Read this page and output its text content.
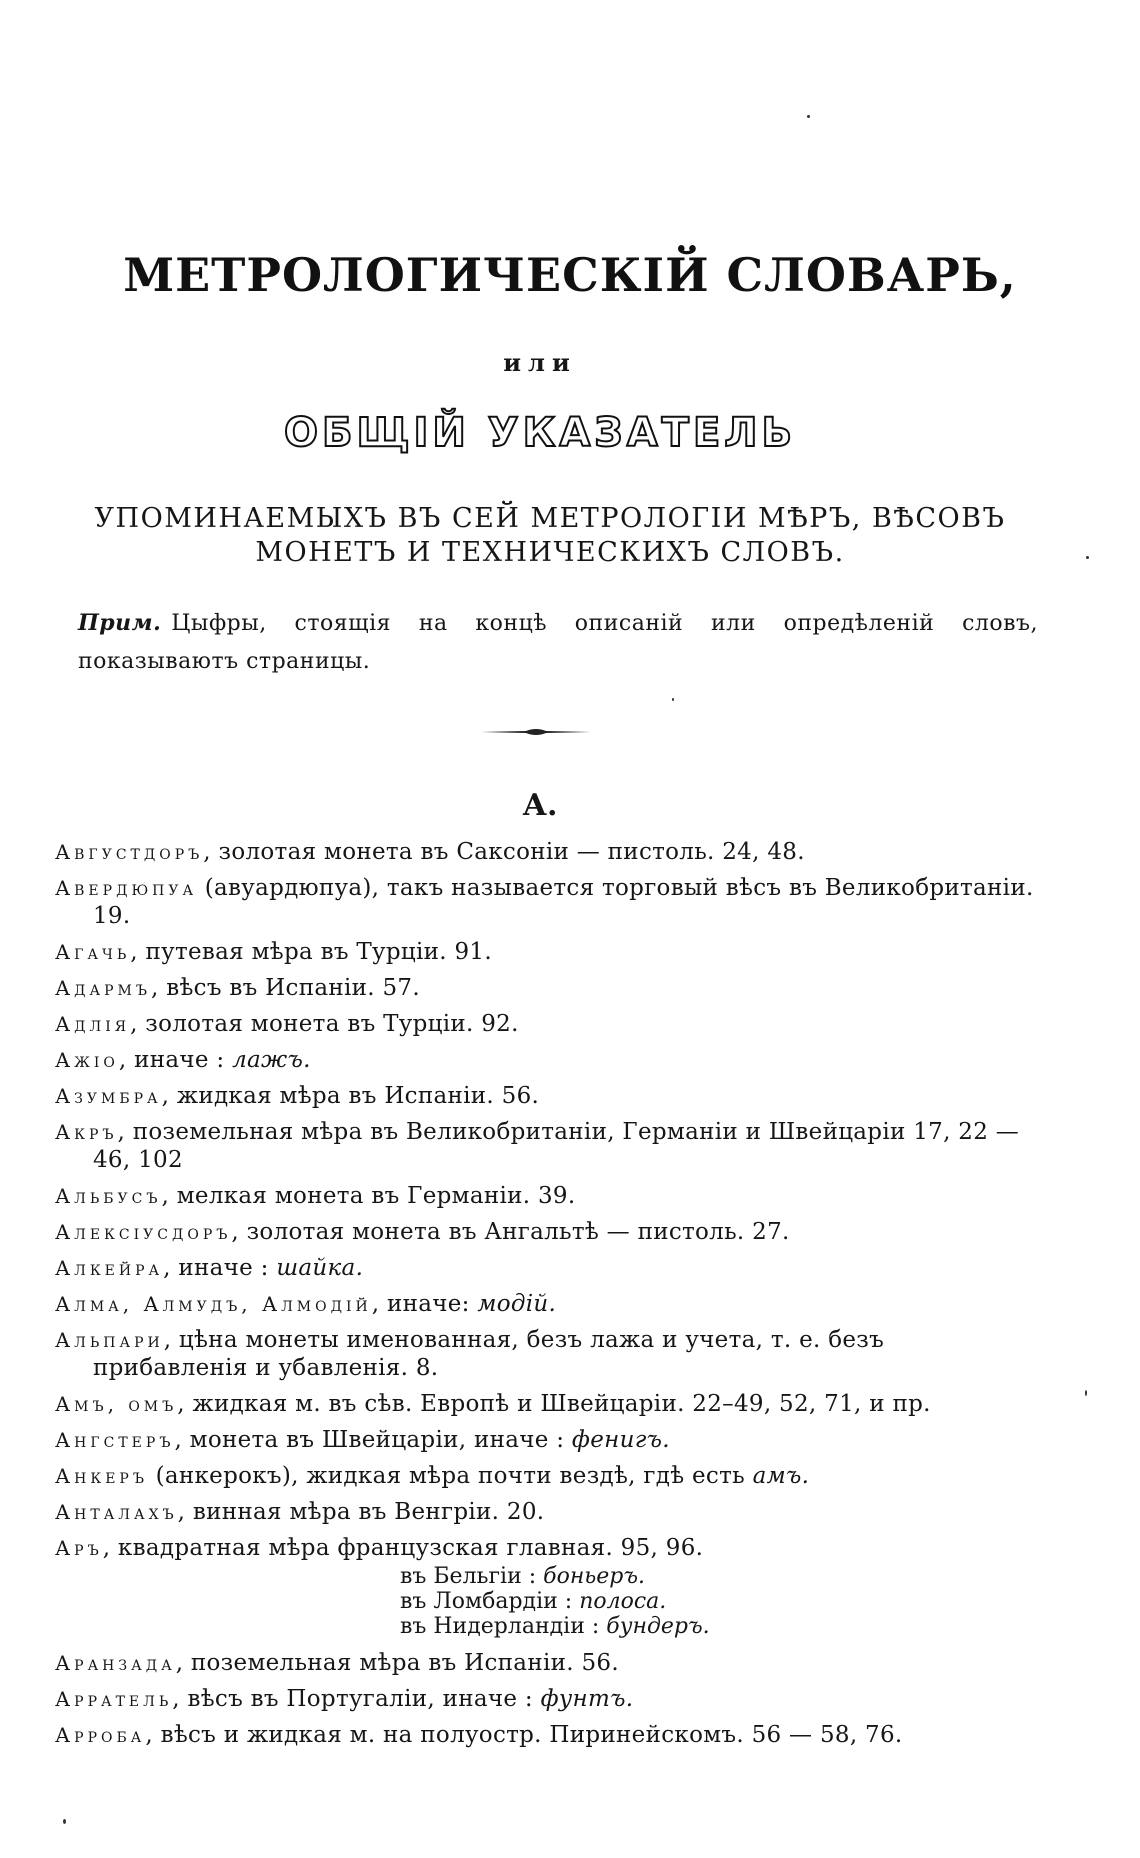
МЕТРОЛОГИЧЕСКІЙ СЛОВАРЬ,
или
ОБЩІЙ УКАЗАТЕЛЬ
УПОМИНАЕМЫХЪ ВЪ СЕЙ МЕТРОЛОГІИ МѢРЪ, ВѢСОВЪ
МОНЕТЪ И ТЕХНИЧЕСКИХЪ СЛОВЪ.
Прим. Цыфры, стоящія на концѣ описаній или опредѣленій словъ, показываютъ страницы.
А.
Августдоръ, золотая монета въ Саксоніи — пистоль. 24, 48.
Авердюпуа (авуардюпуа), такъ называется торговый вѣсъ въ Великобританіи. 19.
Агачь, путевая мѣра въ Турціи. 91.
Адармъ, вѣсъ въ Испаніи. 57.
Адлія, золотая монета въ Турціи. 92.
Ажіо, иначе : лажъ.
Азумбра, жидкая мѣра въ Испаніи. 56.
Акръ, поземельная мѣра въ Великобританіи, Германіи и Швейцаріи 17, 22 — 46, 102
Альбусъ, мелкая монета въ Германіи. 39.
Алексіусдоръ, золотая монета въ Ангальтѣ — пистоль. 27.
Алкейра, иначе : шайка.
Алма, Алмудъ, Алмодій, иначе: модій.
Альпари, цѣна монеты именованная, безъ лажа и учета, т. е. безъ прибавленія и убавленія. 8.
Амъ, омъ, жидкая м. въ сѣв. Европѣ и Швейцаріи. 22–49, 52, 71, и пр.
Ангстеръ, монета въ Швейцаріи, иначе : фенигъ.
Анкеръ (анкерокъ), жидкая мѣра почти вездѣ, гдѣ есть амъ.
Анталахъ, винная мѣра въ Венгріи. 20.
Аръ, квадратная мѣра французская главная. 95, 96.
въ Бельгіи : боньеръ.
въ Ломбардіи : полоса.
въ Нидерландіи : бундеръ.
Аранзада, поземельная мѣра въ Испаніи. 56.
Арратель, вѣсъ въ Португаліи, иначе : фунтъ.
Арроба, вѣсъ и жидкая м. на полуостр. Пиринейскомъ. 56 — 58, 76.
